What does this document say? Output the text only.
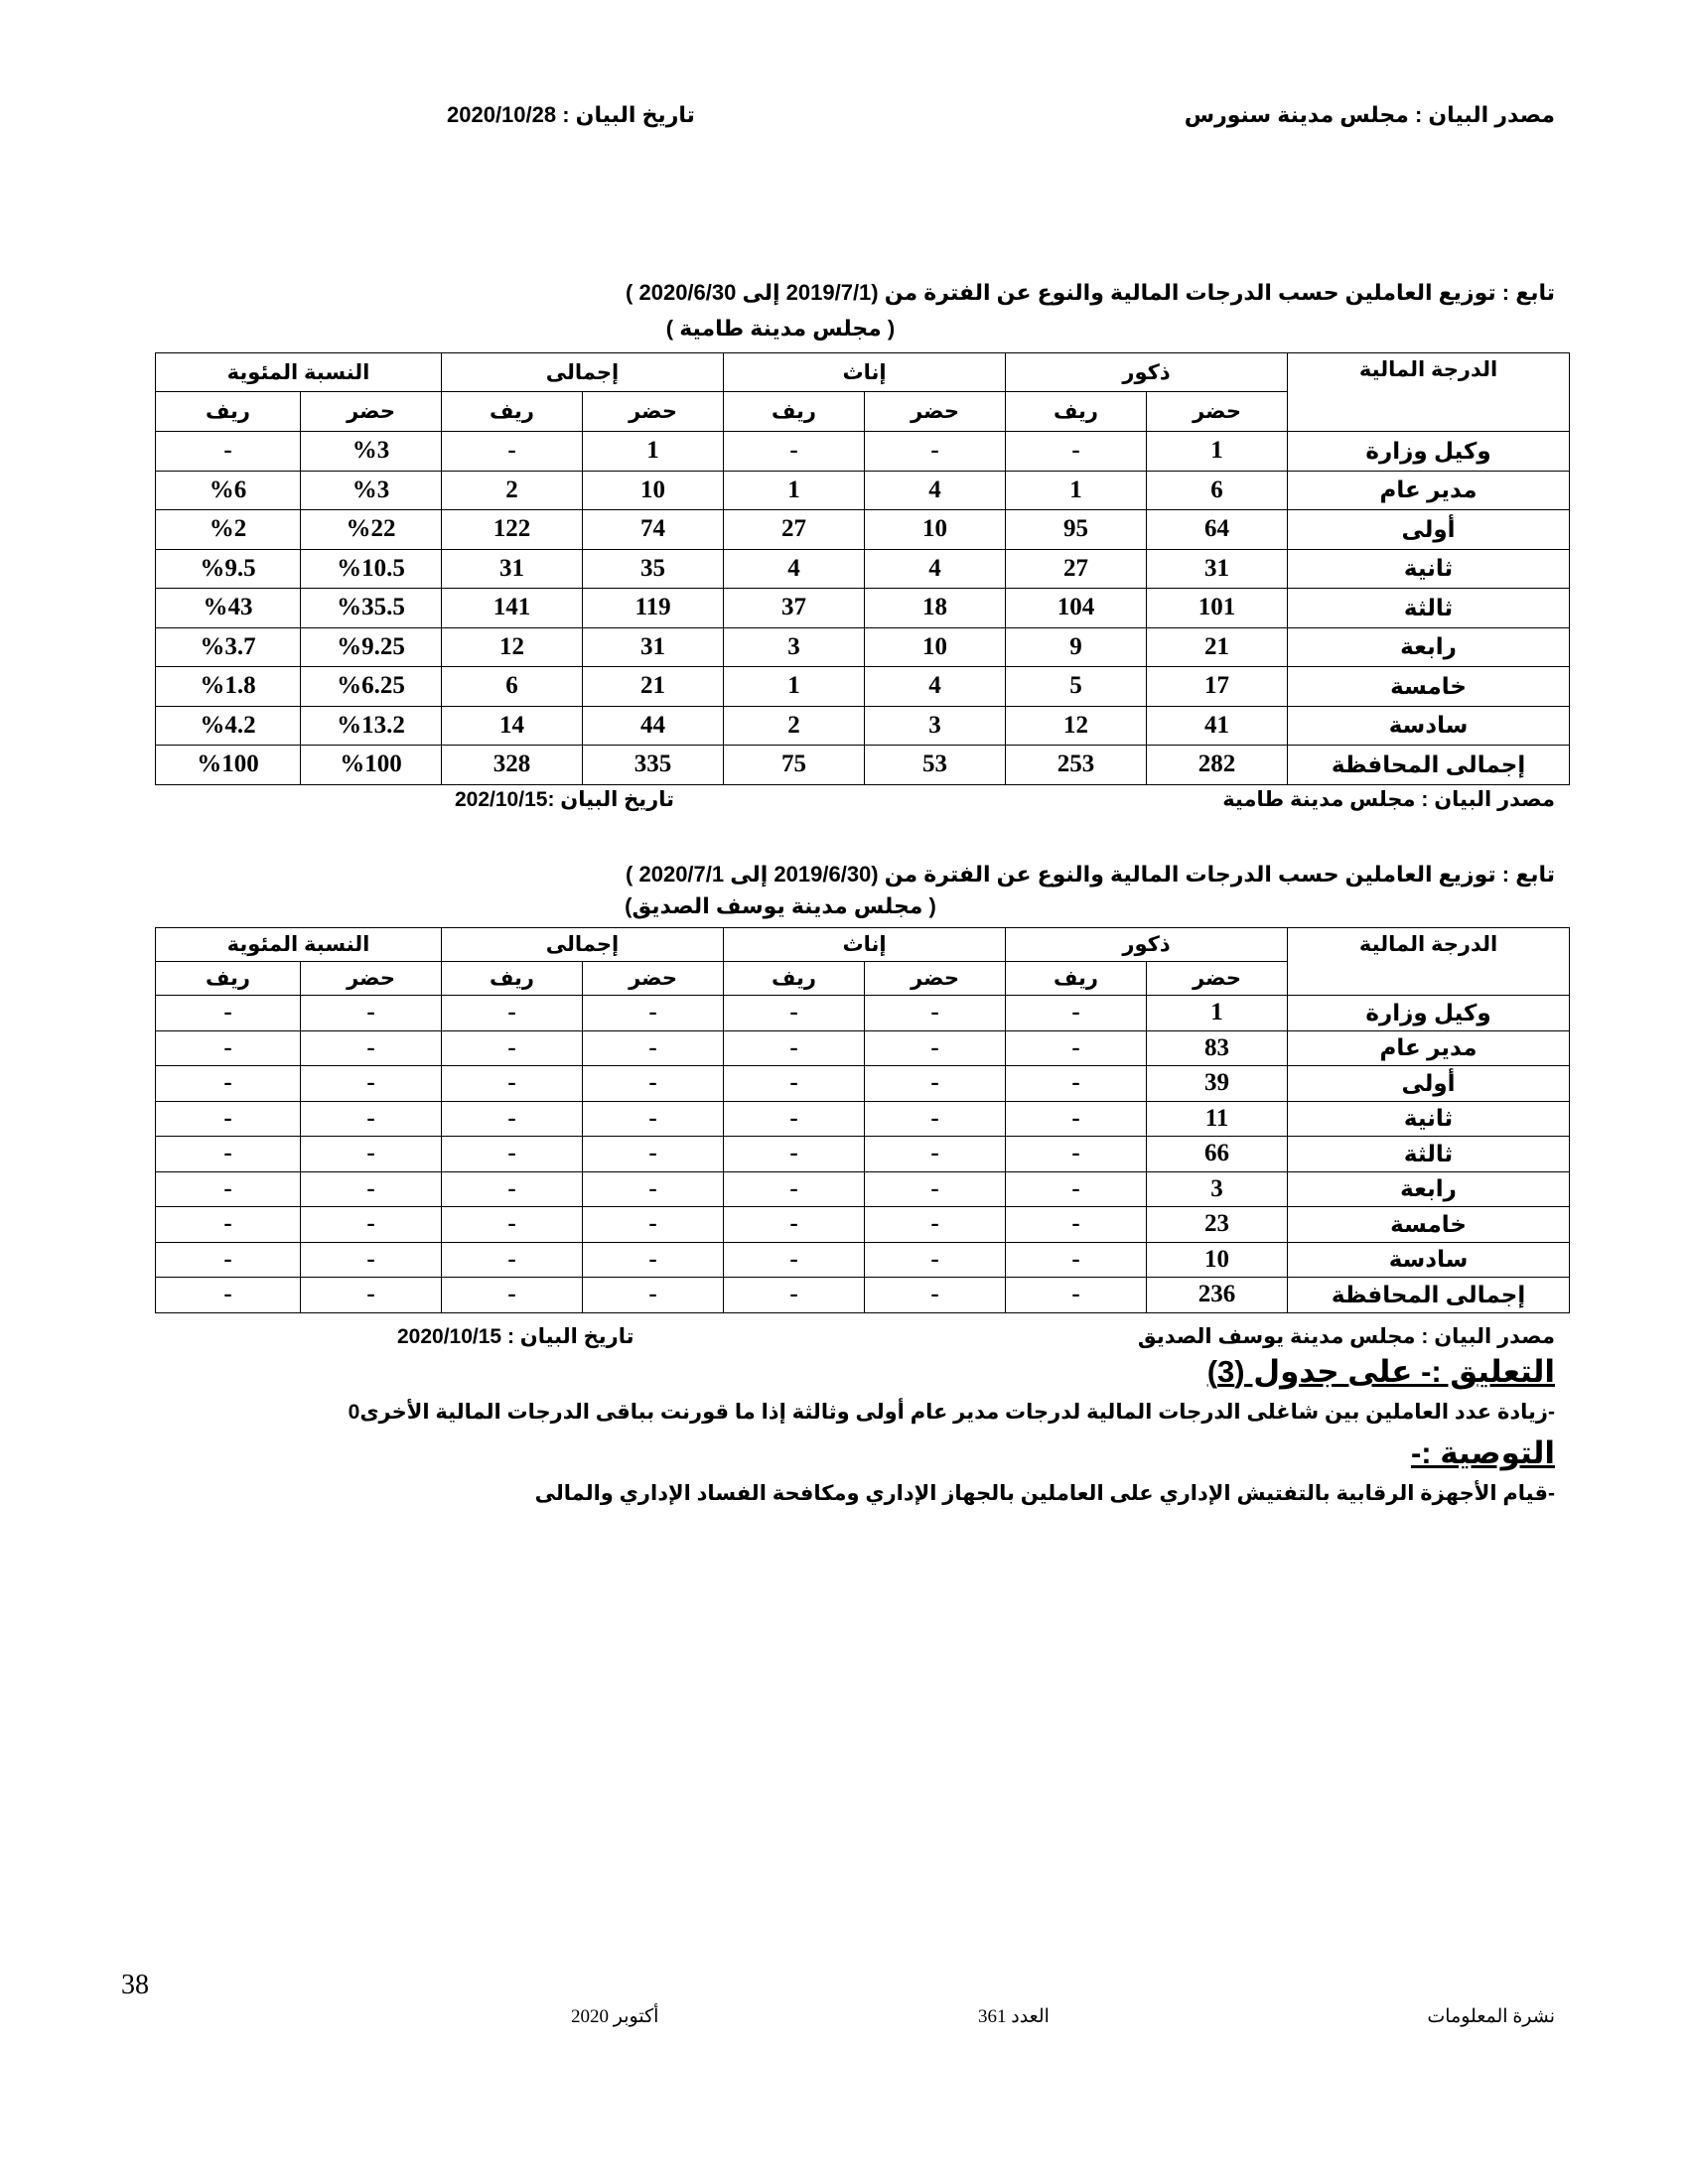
مصدر البيان : مجلس مدينة سنورس
تاريخ البيان : 2020/10/28
تابع : توزيع العاملين حسب الدرجات المالية والنوع عن الفترة من (2019/7/1 إلى 2020/6/30 )
( مجلس مدينة طامية )
الدرجة المالية	ذكور		إناث		إجمالى		النسبة المئوية	
	حضر	ريف	حضر	ريف	حضر	ريف	حضر	ريف
وكيل وزارة	1	-	-	-	1	-	%3	-
مدير عام	6	1	4	1	10	2	%3	%6
أولى	64	95	10	27	74	122	%22	%2
ثانية	31	27	4	4	35	31	%10.5	%9.5
ثالثة	101	104	18	37	119	141	%35.5	%43
رابعة	21	9	10	3	31	12	%9.25	%3.7
خامسة	17	5	4	1	21	6	%6.25	%1.8
سادسة	41	12	3	2	44	14	%13.2	%4.2
إجمالى المحافظة	282	253	53	75	335	328	%100	%100
مصدر البيان : مجلس مدينة طامية
تاريخ البيان :202/10/15
تابع : توزيع العاملين حسب الدرجات المالية والنوع عن الفترة من (2019/6/30 إلى 2020/7/1 )
( مجلس مدينة يوسف الصديق)
الدرجة المالية	ذكور		إناث		إجمالى		النسبة المئوية	
	حضر	ريف	حضر	ريف	حضر	ريف	حضر	ريف
وكيل وزارة	1	-	-	-	-	-	-	-
مدير عام	83	-	-	-	-	-	-	-
أولى	39	-	-	-	-	-	-	-
ثانية	11	-	-	-	-	-	-	-
ثالثة	66	-	-	-	-	-	-	-
رابعة	3	-	-	-	-	-	-	-
خامسة	23	-	-	-	-	-	-	-
سادسة	10	-	-	-	-	-	-	-
إجمالى المحافظة	236	-	-	-	-	-	-	-
مصدر البيان : مجلس مدينة يوسف الصديق
تاريخ البيان : 2020/10/15
التعليق :- على جدول (3)
-زيادة عدد العاملين بين شاغلى الدرجات المالية لدرجات مدير عام أولى وثالثة إذا ما قورنت بباقى الدرجات المالية الأخرى0
التوصية :-
-قيام الأجهزة الرقابية بالتفتيش الإداري على العاملين بالجهاز الإداري ومكافحة الفساد الإداري والمالى
38
نشرة المعلومات
العدد 361
أكتوبر 2020
